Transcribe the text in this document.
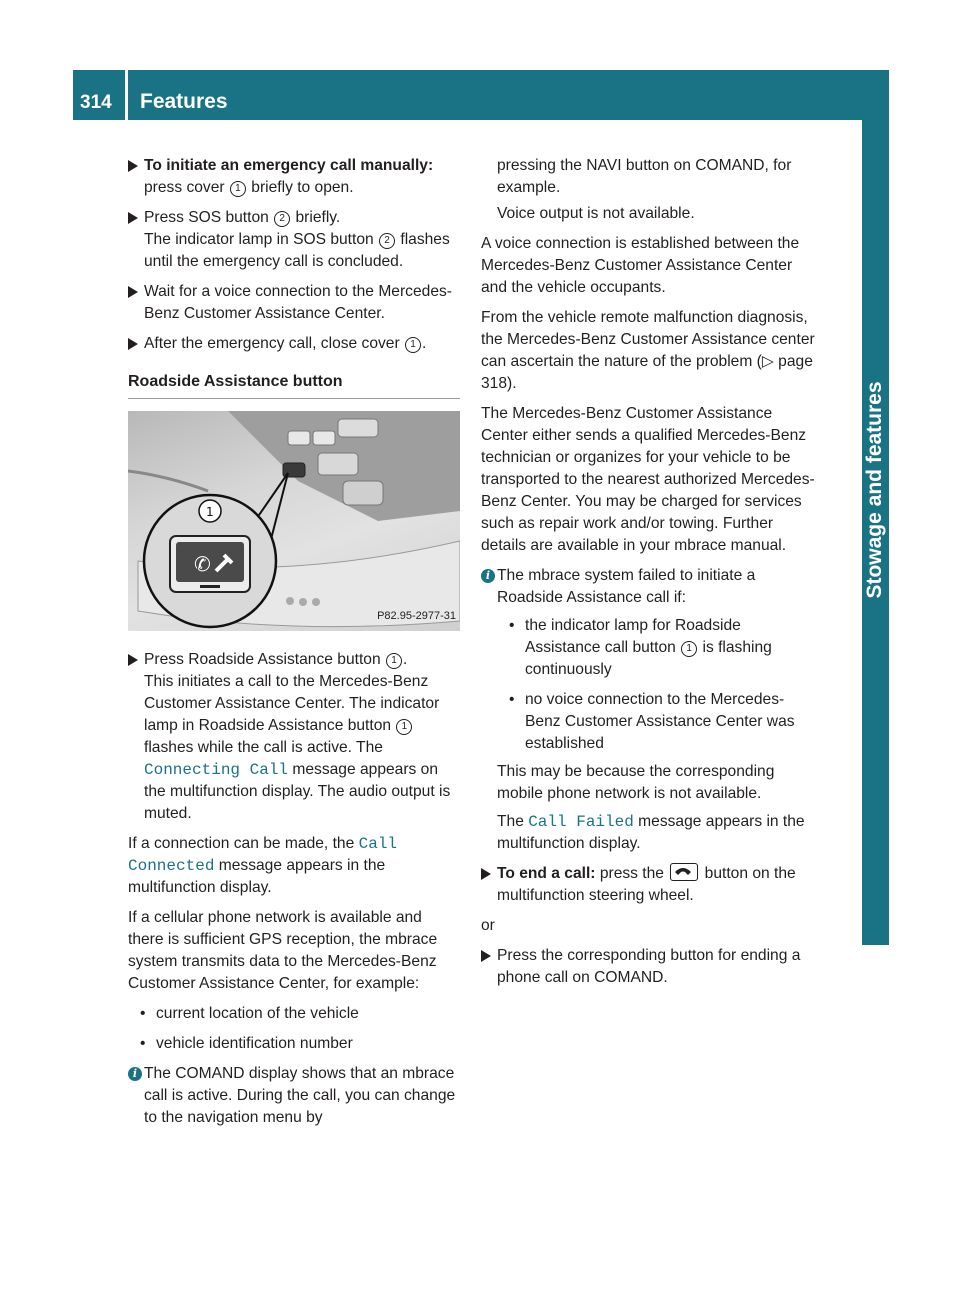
314 Features
Stowage and features
To initiate an emergency call manually: press cover 1 briefly to open.
Press SOS button 2 briefly.

The indicator lamp in SOS button 2 flashes until the emergency call is concluded.

Wait for a voice connection to the Mercedes-Benz Customer Assistance Center.
After the emergency call, close cover 1 .
Roadside Assistance button
✆
1
P82.95-2977-31
Press Roadside Assistance button 1 .

This initiates a call to the Mercedes-Benz Customer Assistance Center. The indicator lamp in Roadside Assistance button 1 flashes while the call is active. The Connecting Call message appears on the multifunction display. The audio output is muted.

If a connection can be made, the Call Connected message appears in the multifunction display.

If a cellular phone network is available and there is sufficient GPS reception, the mbrace system transmits data to the Mercedes-Benz Customer Assistance Center, for example:

• current location of the vehicle

• vehicle identification number

i The COMAND display shows that an mbrace call is active. During the call, you can change to the navigation menu by

pressing the NAVI button on COMAND, for example.

Voice output is not available.

A voice connection is established between the Mercedes-Benz Customer Assistance Center and the vehicle occupants.

From the vehicle remote malfunction diagnosis, the Mercedes-Benz Customer Assistance center can ascertain the nature of the problem (▷ page 318).

The Mercedes-Benz Customer Assistance Center either sends a qualified Mercedes-Benz technician or organizes for your vehicle to be transported to the nearest authorized Mercedes-Benz Center. You may be charged for services such as repair work and/or towing. Further details are available in your mbrace manual.

i The mbrace system failed to initiate a Roadside Assistance call if:

• the indicator lamp for Roadside Assistance call button 1 is flashing continuously

• no voice connection to the Mercedes-Benz Customer Assistance Center was established

This may be because the corresponding mobile phone network is not available.

The Call Failed message appears in the multifunction display.

To end a call: press the
button on the multifunction steering wheel.

or

Press the corresponding button for ending a phone call on COMAND.
